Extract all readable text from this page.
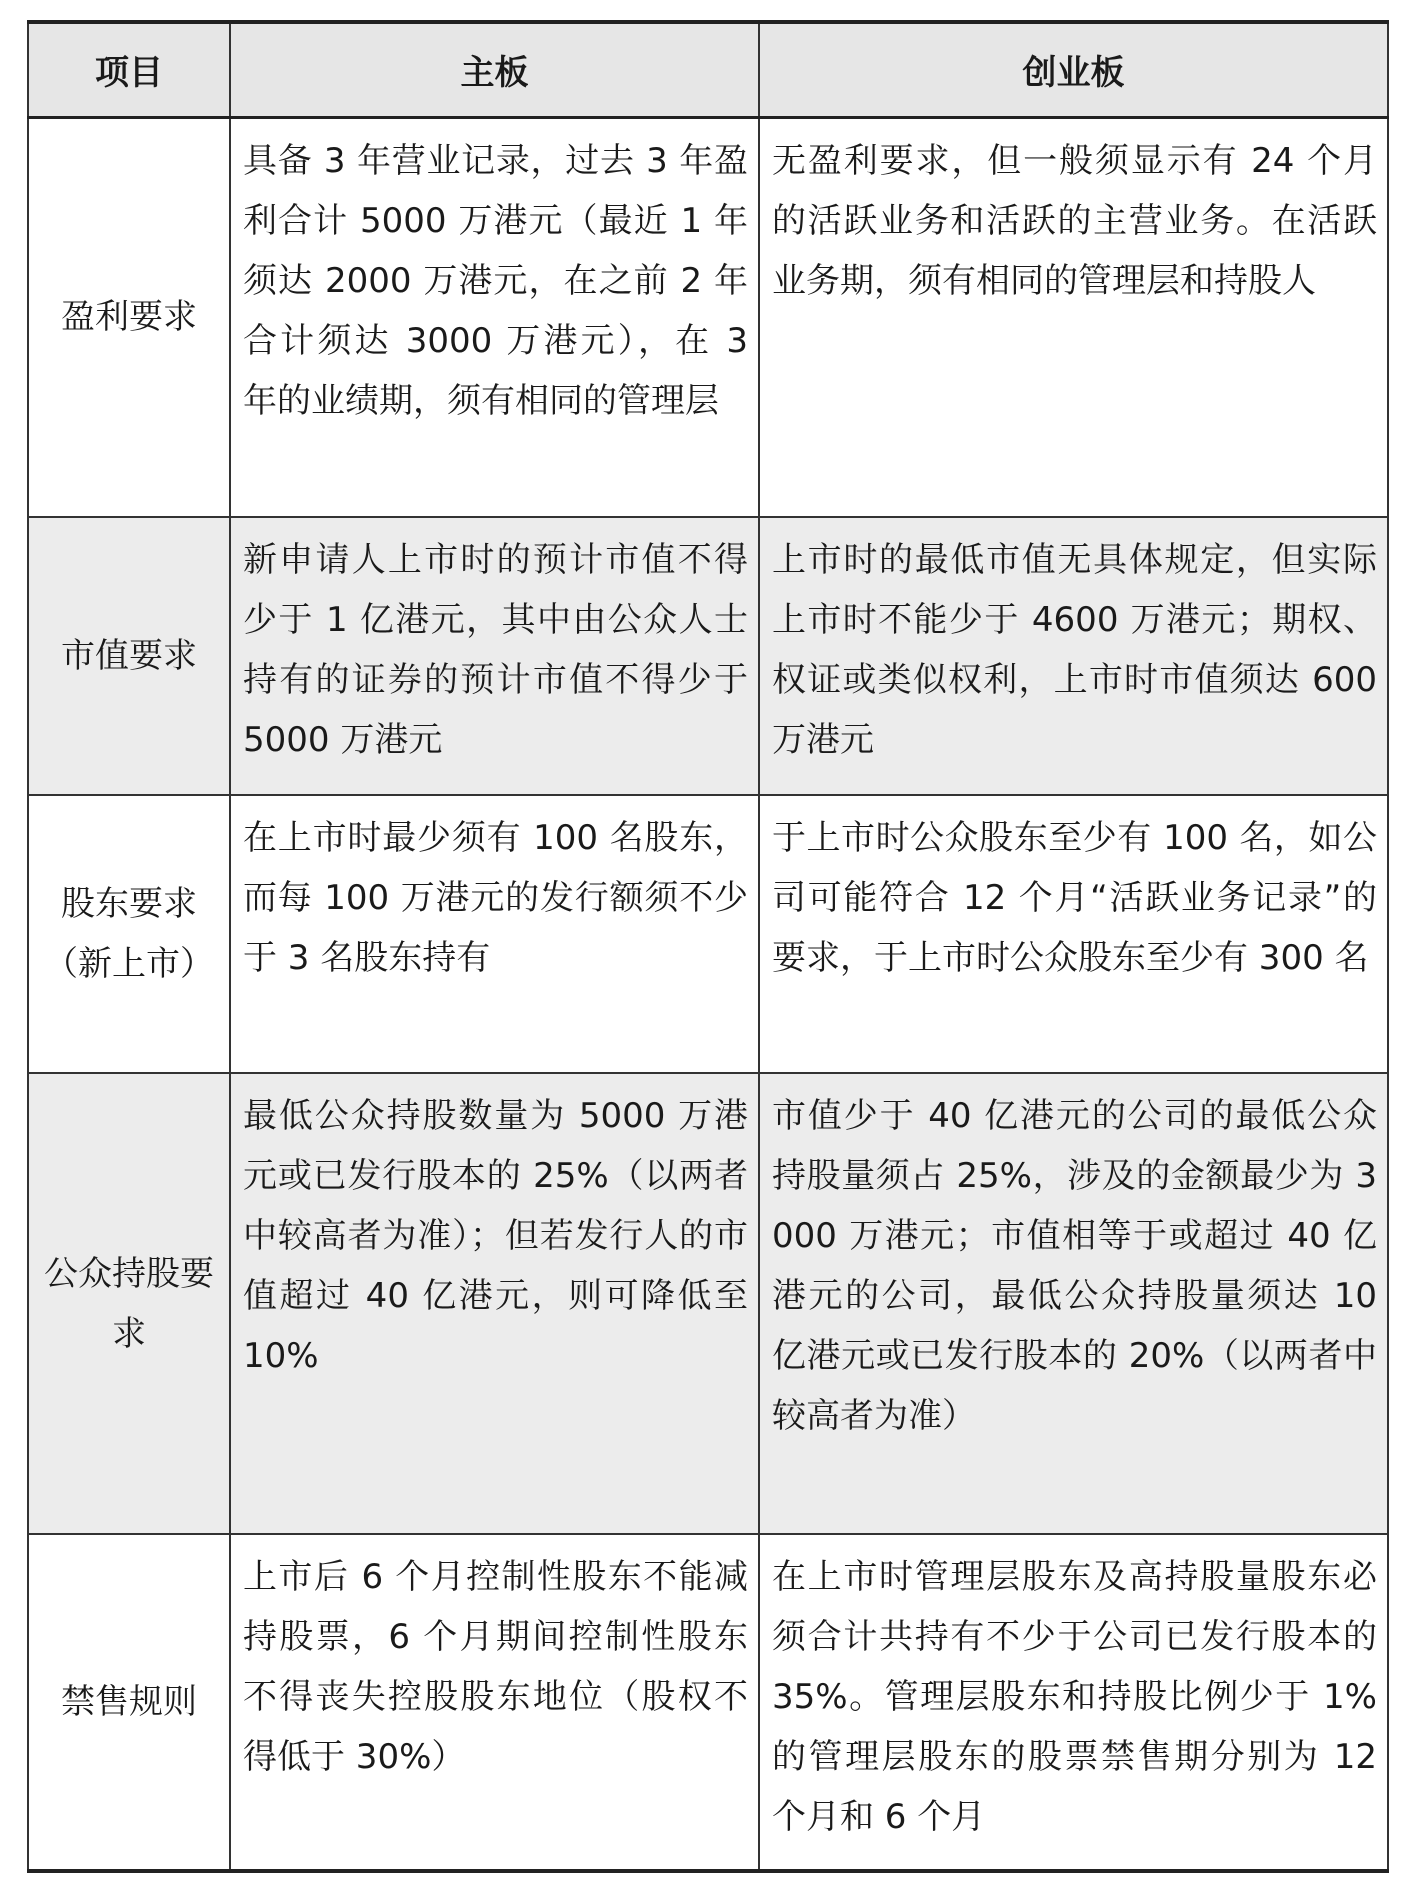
项目	主板	创业板
盈利要求	具备 3 年营业记录，过去 3 年盈利合计 5000 万港元（最近 1 年须达 2000 万港元，在之前 2 年合计须达 3000 万港元），在 3 年的业绩期，须有相同的管理层	无盈利要求，但一般须显示有 24 个月的活跃业务和活跃的主营业务。在活跃业务期，须有相同的管理层和持股人
市值要求	新申请人上市时的预计市值不得少于 1 亿港元，其中由公众人士持有的证券的预计市值不得少于 5000 万港元	上市时的最低市值无具体规定，但实际上市时不能少于 4600 万港元；期权、权证或类似权利，上市时市值须达 600 万港元
股东要求（新上市）	在上市时最少须有 100 名股东，而每 100 万港元的发行额须不少于 3 名股东持有	于上市时公众股东至少有 100 名，如公司可能符合 12 个月“活跃业务记录”的要求，于上市时公众股东至少有 300 名
公众持股要求	最低公众持股数量为 5000 万港元或已发行股本的 25%（以两者中较高者为准）；但若发行人的市值超过 40 亿港元，则可降低至 10%	市值少于 40 亿港元的公司的最低公众持股量须占 25%，涉及的金额最少为 3000 万港元；市值相等于或超过 40 亿港元的公司，最低公众持股量须达 10 亿港元或已发行股本的 20%（以两者中较高者为准）
禁售规则	上市后 6 个月控制性股东不能减持股票，6 个月期间控制性股东不得丧失控股股东地位（股权不得低于 30%）	在上市时管理层股东及高持股量股东必须合计共持有不少于公司已发行股本的 35%。管理层股东和持股比例少于 1% 的管理层股东的股票禁售期分别为 12 个月和 6 个月
